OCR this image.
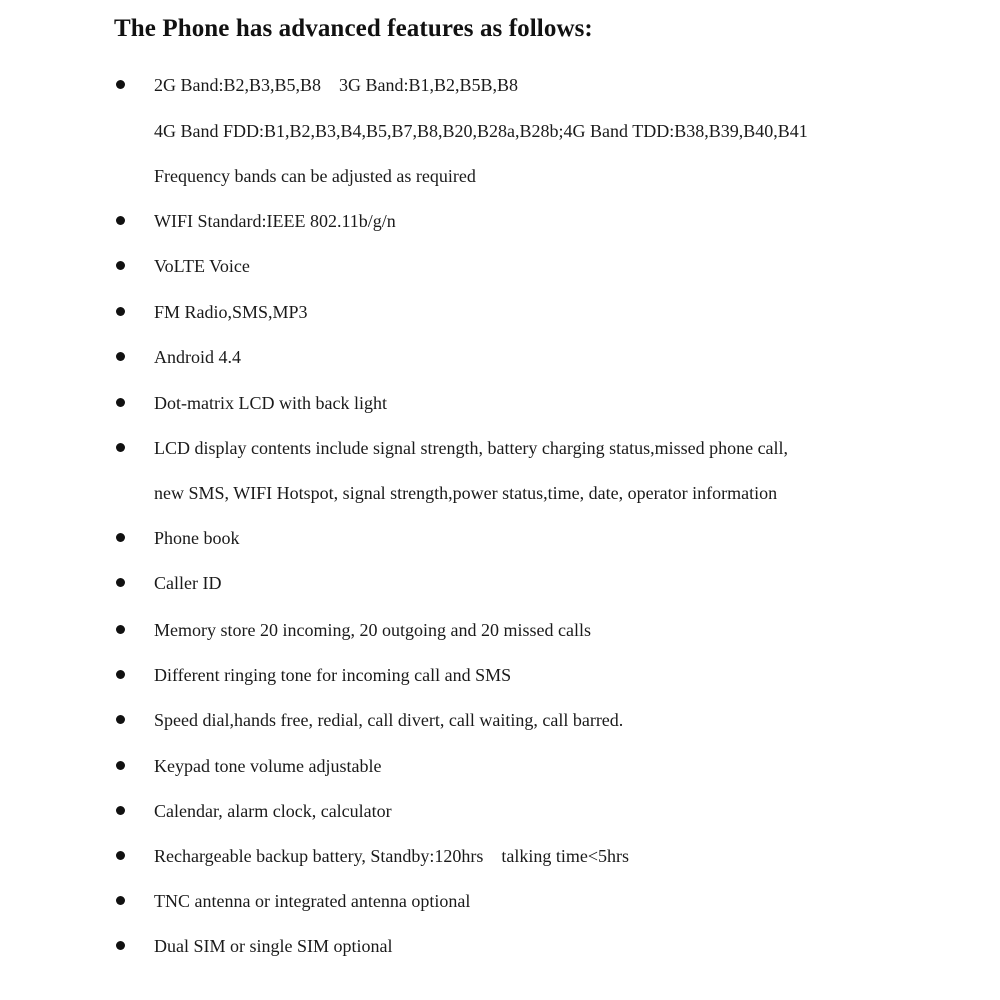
The Phone has advanced features as follows:
2G Band:B2,B3,B5,B8    3G Band:B1,B2,B5B,B8
4G Band FDD:B1,B2,B3,B4,B5,B7,B8,B20,B28a,B28b;4G Band TDD:B38,B39,B40,B41
Frequency bands can be adjusted as required
WIFI Standard:IEEE 802.11b/g/n
VoLTE Voice
FM Radio,SMS,MP3
Android 4.4
Dot-matrix LCD with back light
LCD display contents include signal strength, battery charging status,missed phone call,
new SMS, WIFI Hotspot, signal strength,power status,time, date, operator information
Phone book
Caller ID
Memory store 20 incoming, 20 outgoing and 20 missed calls
Different ringing tone for incoming call and SMS
Speed dial,hands free, redial, call divert, call waiting, call barred.
Keypad tone volume adjustable
Calendar, alarm clock, calculator
Rechargeable backup battery, Standby:120hrs    talking time<5hrs
TNC antenna or integrated antenna optional
Dual SIM or single SIM optional
